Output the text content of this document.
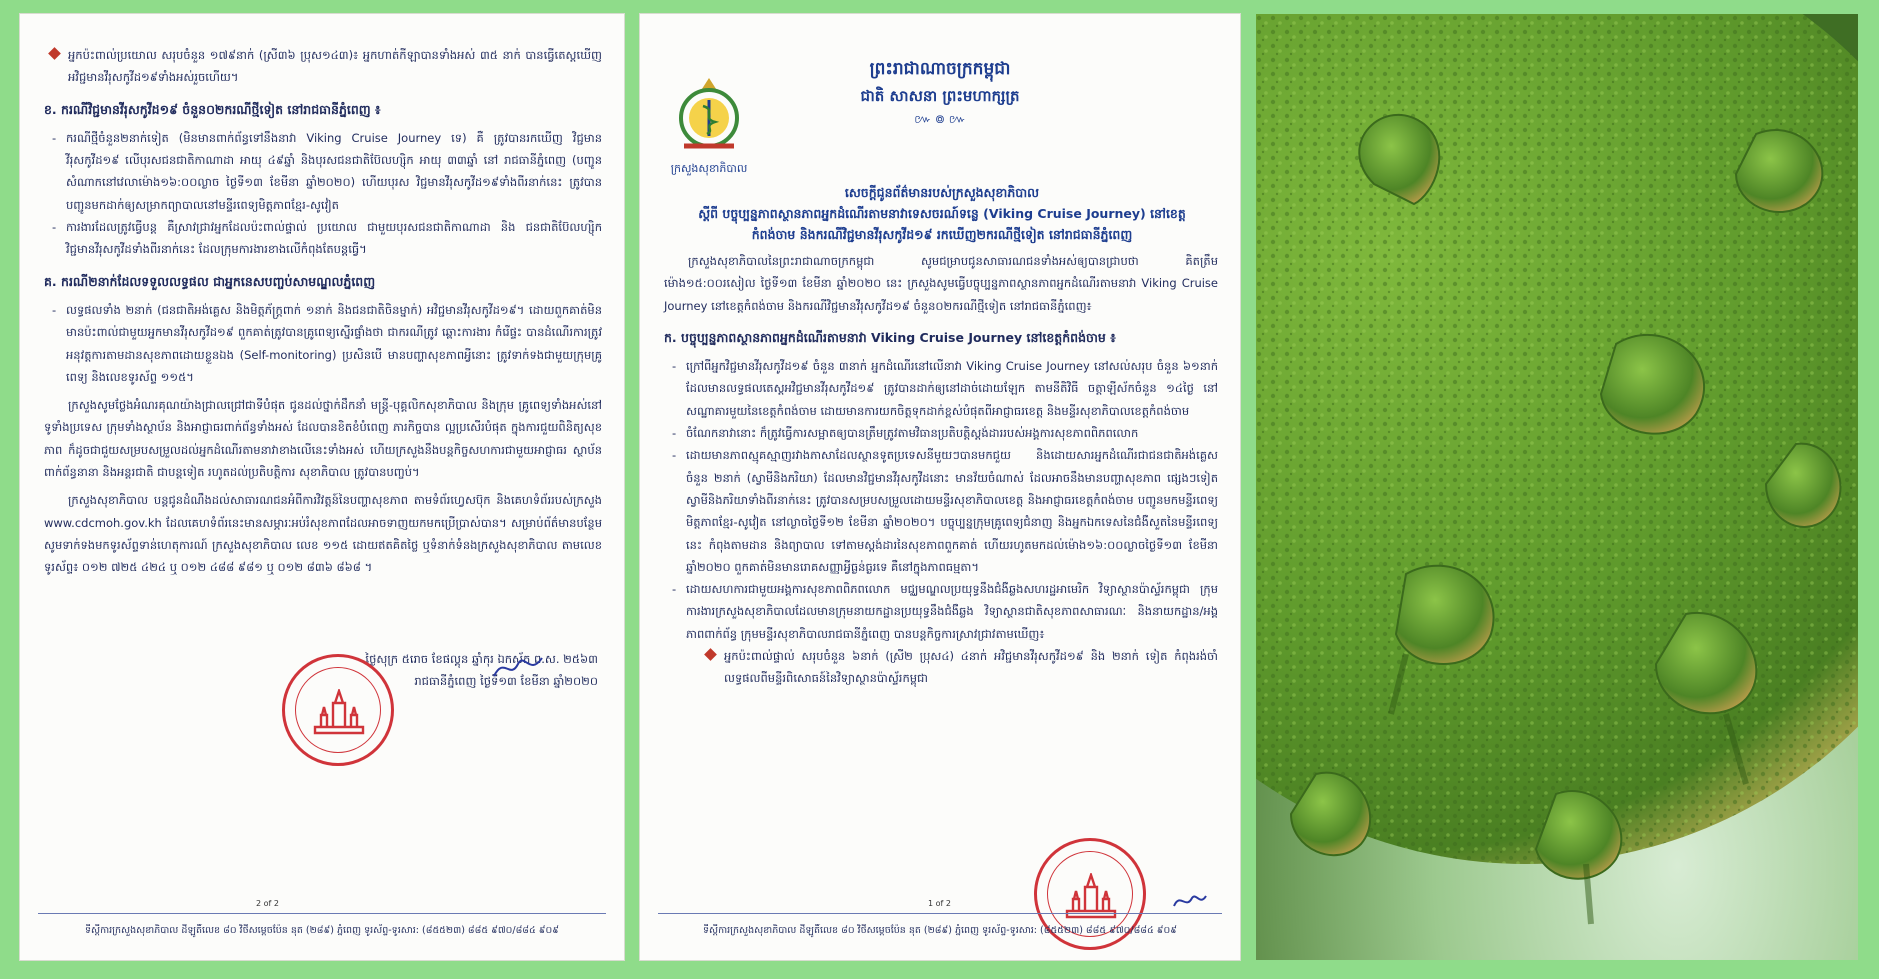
អ្នកប៉ះពាល់ប្រយោល សរុបចំនួន ១៧៩នាក់ (ស្រី៣៦ ប្រុស១៤៣)៖ អ្នកហាត់កីឡាបានទាំងអស់ ៣៥ នាក់ បានធ្វើតេស្តឃើញអវិជ្ជមានវីរុសកូវីដ១៩ទាំងអស់រួចហើយ។

ខ. ករណីវិជ្ជមានវីរុសកូវីដ១៩ ចំនួន០២ករណីថ្មីទៀត នៅរាជធានីភ្នំពេញ ៖

- ករណីថ្មីចំនួន២នាក់ទៀត (មិនមានពាក់ព័ន្ធទៅនឹងនាវា Viking Cruise Journey ទេ) គឺ ត្រូវបានរកឃើញ វិជ្ជមានវីរុសកូវីដ១៩ លើបុរសជនជាតិកាណាដា អាយុ ៤៩ឆ្នាំ និងបុរសជនជាតិប៊ែលហ្ស៊ិក អាយុ ៣៣ឆ្នាំ នៅ រាជធានីភ្នំពេញ (បញ្ជូនសំណាកនៅវេលាម៉ោង១៦:០០ល្ងាច ថ្ងៃទី១៣ ខែមីនា ឆ្នាំ២០២០) ហើយបុរស វិជ្ជមានវីរុសកូវីដ១៩ទាំងពីរនាក់នេះ ត្រូវបានបញ្ជូនមកដាក់ឲ្យសម្រាកព្យាបាលនៅមន្ទីរពេទ្យមិត្តភាពខ្មែរ-សូវៀត

- ការងារដែលត្រូវធ្វើបន្ត គឺស្រាវជ្រាវអ្នកដែលប៉ះពាល់ផ្ទាល់ ប្រយោល ជាមួយបុរសជនជាតិកាណាដា និង ជនជាតិប៊ែលហ្ស៊ិក វិជ្ជមានវីរុសកូវីដទាំងពីរនាក់នេះ ដែលក្រុមការងារខាងលើកំពុងតែបន្តធ្វើ។

គ. ករណី២នាក់ដែលទទួលលទ្ធផល ជាអ្នកនេសបញ្ចប់សាមណ្ឌលភ្នំពេញ

- លទ្ធផលទាំង ២នាក់ (ជនជាតិអង់គ្លេស និងមិត្តភ័ក្ត្រពាក់ ១នាក់ និងជនជាតិចិនម្នាក់) អវិជ្ជមានវីរុសកូវីដ១៩។ ដោយពួកគាត់មិនមានប៉ះពាល់ជាមួយអ្នកមានវីរុសកូវីដ១៩ ពួកគាត់ត្រូវបានគ្រូពេទ្យស្នើរផ្ទាំងថា ជាករណីត្រូវ ឆ្ពោះការងារ កំរើផ្ទះ បានដំណើរការត្រូវអនុវត្តការតាមដានសុខភាពដោយខ្លួនឯង (Self-monitoring) ប្រសិនបើ មានបញ្ហាសុខភាពអ្វីនោះ ត្រូវទាក់ទងជាមួយក្រុមគ្រូពេទ្យ និងលេខទូរស័ព្ទ ១១៥។

ក្រសួងសូមថ្លែងអំណរគុណយ៉ាងជ្រាលជ្រៅជាទីបំផុត ជូនដល់ថ្នាក់ដឹកនាំ មន្ត្រី-បុគ្គលិកសុខាភិបាល និងក្រុម គ្រូពេទ្យទាំងអស់នៅទូទាំងប្រទេស ក្រុមទាំងស្ថាប័ន និងអាជ្ញាធរពាក់ព័ន្ធទាំងអស់ ដែលបានខិតខំបំពេញ ភារកិច្ចបាន ល្អប្រសើរបំផុត ក្នុងការជួយពិនិត្យសុខភាព ក៏ដូចជាជួយសម្របសម្រួលដល់អ្នកដំណើរតាមនាវាខាងលើនេះទាំងអស់ ហើយក្រសួងនឹងបន្តកិច្ចសហការជាមួយអាជ្ញាធរ ស្ថាប័នពាក់ព័ន្ធនានា និងអន្តរជាតិ ជាបន្តទៀត រហូតដល់ប្រតិបត្តិការ សុខាភិបាល ត្រូវបានបញ្ចប់។

ក្រសួងសុខាភិបាល បន្តជូនដំណឹងដល់សាធារណជនអំពីការវិវត្តន៍នៃបញ្ហាសុខភាព តាមទំព័រហ្វេសប៊ុក និងគេហទំព័ររបស់ក្រសួង www.cdcmoh.gov.kh ដែលគេហទំព័រនេះមានសម្ភារៈអប់រំសុខភាពដែលអាចទាញយកមកប្រើប្រាស់បាន។ សម្រាប់ព័ត៌មានបន្ថែម សូមទាក់ទងមកទូរស័ព្ទទាន់ហេតុការណ៍ ក្រសួងសុខាភិបាល លេខ ១១៥ ដោយឥតគិតថ្លៃ ឬទំនាក់ទំនងក្រសួងសុខាភិបាល តាមលេខទូរស័ព្ទ៖ ០១២ ៧២៥ ៤២៤ ឬ ០១២ ៤៨៨ ៩៨១ ឬ ០១២ ៨៣៦ ៨៦៨ ។

ថ្ងៃសុក្រ ៥រោច ខែផល្គុន ឆ្នាំកុរ ឯកស័ក ព.ស. ២៥៦៣
រាជធានីភ្នំពេញ ថ្ងៃទី១៣ ខែមីនា ឆ្នាំ២០២០
2 of 2
ទីស្តីការក្រសួងសុខាភិបាល ដីឡូតិ៍លេខ ៨០ វិថីសម្តេចប៉ែន នុត (២៨៩) ភ្នំពេញ ទូរស័ព្ទ-ទូរសារ: (៨៥៥២៣) ៨៨៥ ៩៧០/៨៨៤ ៩០៩
ព្រះរាជាណាចក្រកម្ពុជា
ជាតិ សាសនា ព្រះមហាក្សត្រ
៚ ៙ ៚
ក្រសួងសុខាភិបាល
សេចក្តីជូនព័ត៌មានរបស់ក្រសួងសុខាភិបាល
ស្តីពី បច្ចុប្បន្នភាពស្ថានភាពអ្នកដំណើរតាមនាវាទេសចរណ៍ទន្លេ (Viking Cruise Journey) នៅខេត្ត
កំពង់ចាម និងករណីវិជ្ជមានវីរុសកូវីដ១៩ រកឃើញ២ករណីថ្មីទៀត នៅរាជធានីភ្នំពេញ

ក្រសួងសុខាភិបាលនៃព្រះរាជាណាចក្រកម្ពុជា សូមជម្រាបជូនសាធារណជនទាំងអស់ឲ្យបានជ្រាបថា គិតត្រឹមម៉ោង១៥:០០រសៀល ថ្ងៃទី១៣ ខែមីនា ឆ្នាំ២០២០ នេះ ក្រសួងសូមធ្វើបច្ចុប្បន្នភាពស្ថានភាពអ្នកដំណើរតាមនាវា Viking Cruise Journey នៅខេត្តកំពង់ចាម និងករណីវិជ្ជមានវីរុសកូវីដ១៩ ចំនួន០២ករណីថ្មីទៀត នៅរាជធានីភ្នំពេញ៖

ក. បច្ចុប្បន្នភាពស្ថានភាពអ្នកដំណើរតាមនាវា Viking Cruise Journey នៅខេត្តកំពង់ចាម ៖

- ក្រៅពីអ្នកវិជ្ជមានវីរុសកូវីដ១៩ ចំនួន ៣នាក់ អ្នកដំណើរនៅលើនាវា Viking Cruise Journey នៅសល់សរុប ចំនួន ៦១នាក់ ដែលមានលទ្ធផលតេស្តអវិជ្ជមានវីរុសកូវីដ១៩ ត្រូវបានដាក់ឲ្យនៅដាច់ដោយឡែក តាមនីតិវិធី ចត្តាឡីស័កចំនួន ១៤ថ្ងៃ នៅសណ្ឋាគារមួយនៃខេត្តកំពង់ចាម ដោយមានការយកចិត្តទុកដាក់ខ្ពស់បំផុតពីអាជ្ញាធរខេត្ត និងមន្ទីរសុខាភិបាលខេត្តកំពង់ចាម

- ចំណែកនាវានោះ ក៏ត្រូវធ្វើការសម្អាតឲ្យបានត្រឹមត្រូវតាមវិធានប្រតិបត្តិស្តង់ដាររបស់អង្គការសុខភាពពិភពលោក

- ដោយមានភាពស្មុគស្មាញរវាងភាសាដែលស្ថានទូតប្រទេសនីមួយៗបានមកជួយ និងដោយសារអ្នកដំណើរជាជនជាតិអង់គ្លេសចំនួន ២នាក់ (ស្វាមីនិងភរិយា) ដែលមានវិជ្ជមានវីរុសកូវីដនោះ មានវ័យចំណាស់ ដែលអាចនឹងមានបញ្ហាសុខភាព ផ្សេងៗទៀត ស្វាមីនិងភរិយាទាំងពីរនាក់នេះ ត្រូវបានសម្របសម្រួលដោយមន្ទីរសុខាភិបាលខេត្ត និងអាជ្ញាធរខេត្តកំពង់ចាម បញ្ជូនមកមន្ទីរពេទ្យមិត្តភាពខ្មែរ-សូវៀត នៅល្ងាចថ្ងៃទី១២ ខែមីនា ឆ្នាំ២០២០។ បច្ចុប្បន្នក្រុមគ្រូពេទ្យជំនាញ និងអ្នកឯកទេសនៃជំងឺសួតនៃមន្ទីរពេទ្យនេះ កំពុងតាមដាន និងព្យាបាល ទៅតាមស្តង់ដារនៃសុខភាពពួកគាត់ ហើយរហូតមកដល់ម៉ោង១៦:០០ល្ងាចថ្ងៃទី១៣ ខែមីនា ឆ្នាំ២០២០ ពួកគាត់មិនមានរោគសញ្ញាអ្វីធ្ងន់ធ្ងរទេ គឺនៅក្នុងភាពធម្មតា។

- ដោយសហការជាមួយអង្គការសុខភាពពិភពលោក មជ្ឈមណ្ឌលប្រយុទ្ធនឹងជំងឺឆ្លងសហរដ្ឋអាមេរិក វិទ្យាស្ថានប៉ាស្ទ័រកម្ពុជា ក្រុមការងារក្រសួងសុខាភិបាលដែលមានក្រុមនាយកដ្ឋានប្រយុទ្ធនឹងជំងឺឆ្លង វិទ្យាស្ថានជាតិសុខភាពសាធារណៈ និងនាយកដ្ឋាន/អង្គភាពពាក់ព័ន្ធ ក្រុមមន្ទីរសុខាភិបាលរាជធានីភ្នំពេញ បានបន្តកិច្ចការស្រាវជ្រាវតាមឃើញ៖

អ្នកប៉ះពាល់ផ្ទាល់ សរុបចំនួន ៦នាក់ (ស្រី២ ប្រុស៤) ៤នាក់ អវិជ្ជមានវីរុសកូវីដ១៩ និង ២នាក់ ទៀត កំពុងរង់ចាំលទ្ធផលពីមន្ទីរពិសោធន៍នៃវិទ្យាស្ថានប៉ាស្ទ័រកម្ពុជា

1 of 2
ទីស្តីការក្រសួងសុខាភិបាល ដីឡូតិ៍លេខ ៨០ វិថីសម្តេចប៉ែន នុត (២៨៩) ភ្នំពេញ ទូរស័ព្ទ-ទូរសារ: (៨៥៥២៣) ៨៨៥ ៩៧០/៨៨៤ ៩០៩
